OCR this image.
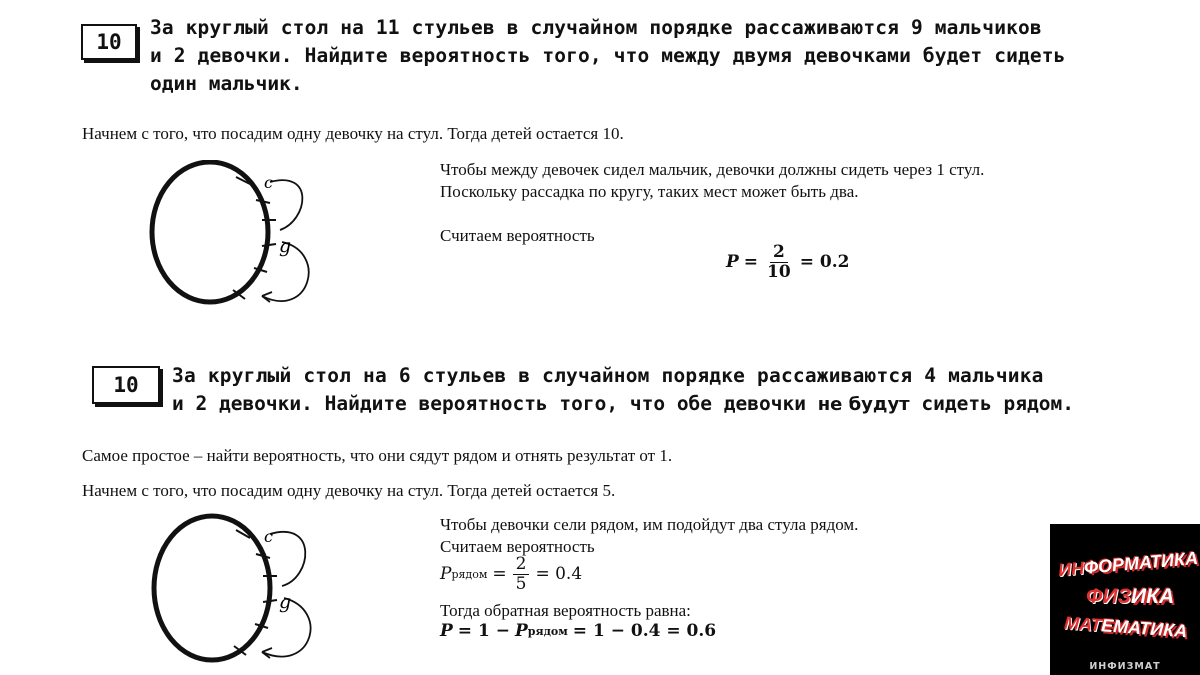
10
За круглый стол на 11 стульев в случайном порядке рассаживаются 9 мальчиков
и 2 девочки. Найдите вероятность того, что между двумя девочками будет сидеть
один мальчик.
Начнем с того, что посадим одну девочку на стул. Тогда детей остается 10.
c
g
Чтобы между девочек сидел мальчик, девочки должны сидеть через 1 стул.
Поскольку рассадка по кругу, таких мест может быть два.
Считаем вероятность
$P = \frac{2}{10} = 0.2$
10	За круглый стол на 6 стульев в случайном порядке рассаживаются 4 мальчика
и 2 девочки. Найдите вероятность того, что обе девочки не будут сидеть рядом.
Самое простое – найти вероятность, что они сядут рядом и отнять результат от 1.
Начнем с того, что посадим одну девочку на стул. Тогда детей остается 5.
c
g
Чтобы девочки сели рядом, им подойдут два стула рядом.
Считаем вероятность
P рядом = $\frac{2}{5} = 0.4$
Тогда обратная вероятность равна:
P = 1 − P рядом = 1 − 0.4 = 0.6
ИНФОРМАТИКА
ФИЗИКА
МАТЕМАТИКА
ИНФИЗМАТ
